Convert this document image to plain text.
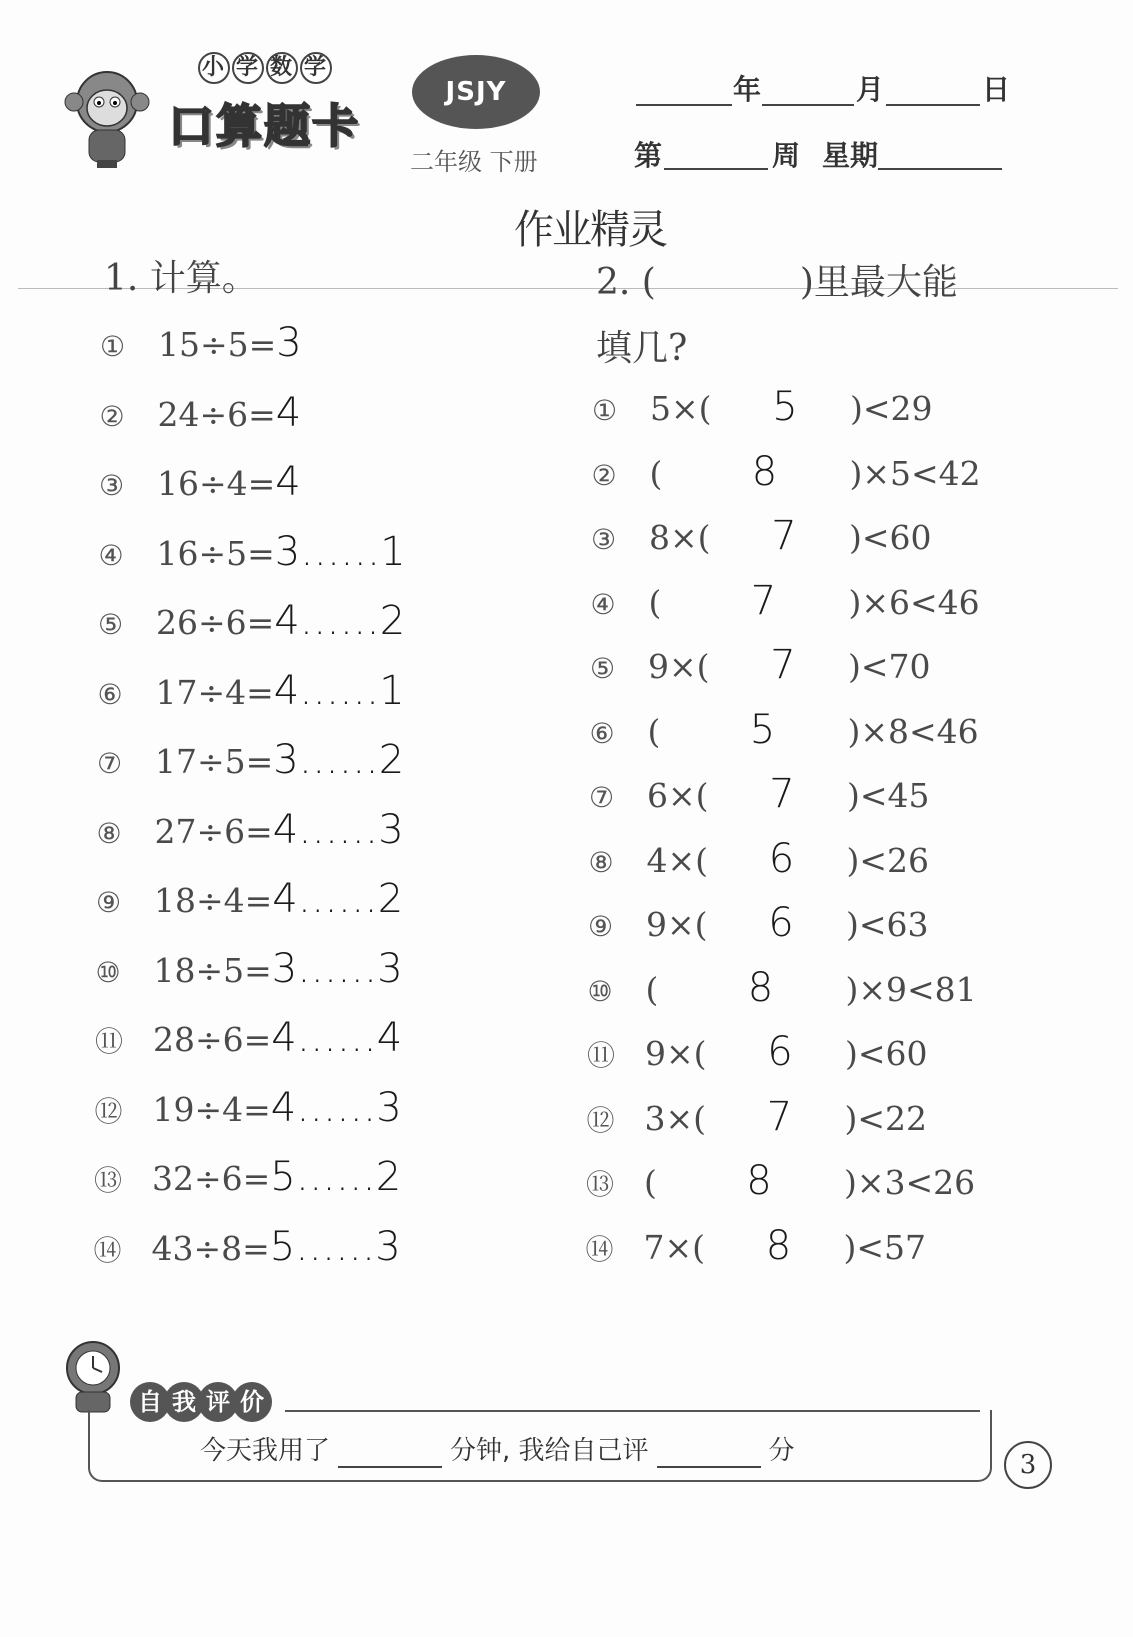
小 学 数 学
口算题卡
JSJY
二年级 下册
年	月	日
第	周 星期
作业精灵
1. 计算。
① 15÷5=3
② 24÷6=4
③ 16÷4=4
④ 16÷5=3……1
⑤ 26÷6=4……2
⑥ 17÷4=4……1
⑦ 17÷5=3……2
⑧ 27÷6=4……3
⑨ 18÷4=4……2
⑩ 18÷5=3……3
⑪ 28÷6=4……4
⑫ 19÷4=4……3
⑬ 32÷6=5……2
⑭ 43÷8=5……3
2. (　　　　)里最大能
填几?
① 5×( 5 )<29
② ( 8 )×5<42
③ 8×( 7 )<60
④ ( 7 )×6<46
⑤ 9×( 7 )<70
⑥ ( 5 )×8<46
⑦ 6×( 7 )<45
⑧ 4×( 6 )<26
⑨ 9×( 6 )<63
⑩ ( 8 )×9<81
⑪ 9×( 6 )<60
⑫ 3×( 7 )<22
⑬ ( 8 )×3<26
⑭ 7×( 8 )<57
自 我 评 价
今天我用了	分钟, 我给自己评	分	3
